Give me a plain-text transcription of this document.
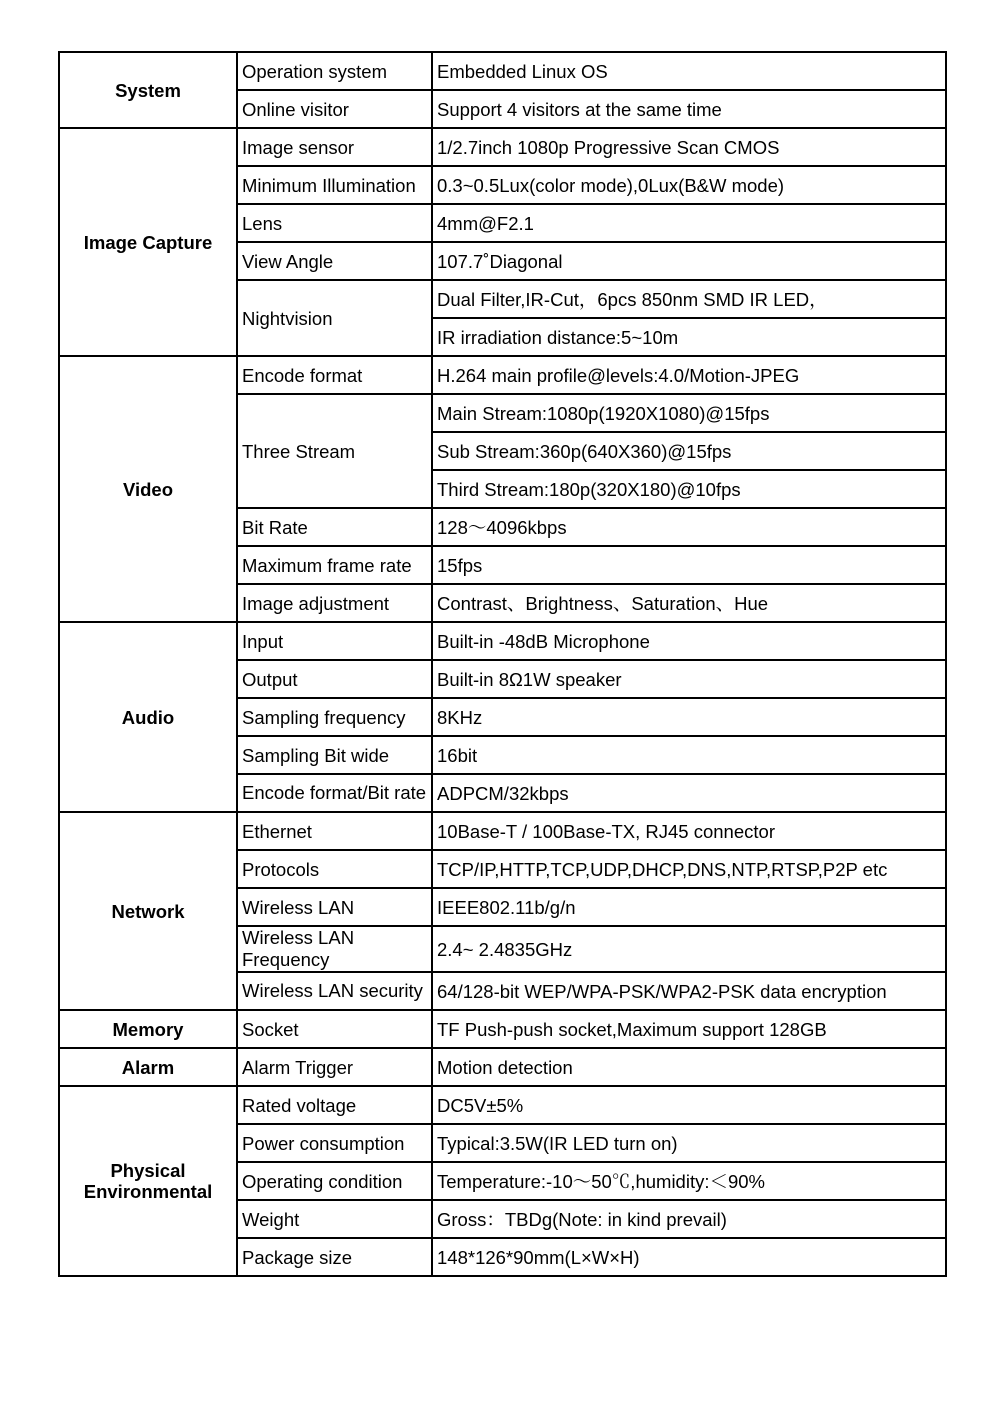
System	Operation system	Embedded Linux OS
	Online visitor	Support 4 visitors at the same time
Image Capture	Image sensor	1/2.7inch 1080p Progressive Scan CMOS
	Minimum Illumination	0.3~0.5Lux(color mode),0Lux(B&W mode)
	Lens	4mm@F2.1
	View Angle	107.7˚Diagonal
	Nightvision	Dual Filter,IR-Cut，6pcs 850nm SMD IR LED，
		IR irradiation distance:5~10m
Video	Encode format	H.264 main profile@levels:4.0/Motion-JPEG
	Three Stream	Main Stream:1080p(1920X1080)@15fps
		Sub Stream:360p(640X360)@15fps
		Third Stream:180p(320X180)@10fps
	Bit Rate	128～4096kbps
	Maximum frame rate	15fps
	Image adjustment	Contrast、Brightness、Saturation、Hue
Audio	Input	Built-in -48dB Microphone
	Output	Built-in 8Ω1W speaker
	Sampling frequency	8KHz
	Sampling Bit wide	16bit
	Encode format/Bit rate	ADPCM/32kbps
Network	Ethernet	10Base-T / 100Base-TX, RJ45 connector
	Protocols	TCP/IP,HTTP,TCP,UDP,DHCP,DNS,NTP,RTSP,P2P etc
	Wireless LAN	IEEE802.11b/g/n
	Wireless LAN Frequency	2.4~ 2.4835GHz
	Wireless LAN security	64/128-bit WEP/WPA-PSK/WPA2-PSK data encryption
Memory	Socket	TF Push-push socket,Maximum support 128GB
Alarm	Alarm Trigger	Motion detection
Physical Environmental	Rated voltage	DC5V±5%
	Power consumption	Typical:3.5W(IR LED turn on)
	Operating condition	Temperature:-10～50℃,humidity:＜90%
	Weight	Gross：TBDg(Note: in kind prevail)
	Package size	148*126*90mm(L×W×H)
